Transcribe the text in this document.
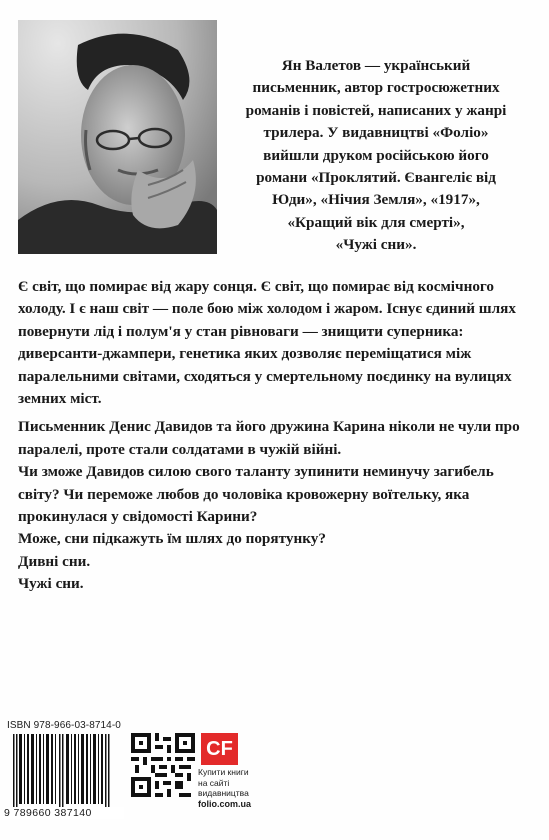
Ян Валетов — український
письменник, автор гостросюжетних
романів і повістей, написаних у жанрі
трилера. У видавництві «Фоліо»
вийшли друком російською його
романи «Проклятий. Євангеліє від
Юди», «Нічия Земля», «1917»,
«Кращий вік для смерті»,
«Чужі сни».

Є світ, що помирає від жару сонця. Є світ, що помирає від космічного холоду. І є наш світ — поле бою між холодом і жаром. Існує єдиний шлях повернути лід і полум'я у стан рівноваги — знищити суперника: диверсанти-джампери, генетика яких дозволяє переміщатися між паралельними світами, сходяться у смертельному поєдинку на вулицях земних міст.

Письменник Денис Давидов та його дружина Карина ніколи не чули про паралелі, проте стали солдатами в чужій війні.

Чи зможе Давидов силою свого таланту зупинити неминучу загибель світу? Чи переможе любов до чоловіка кровожерну воїтельку, яка прокинулася у свідомості Карини?

Може, сни підкажуть їм шлях до порятунку?

Дивні сни.

Чужі сни.

ISBN 978-966-03-8714-0
9 789660 387140
CF
Купити книги
на сайті
видавництва
folio.com.ua
